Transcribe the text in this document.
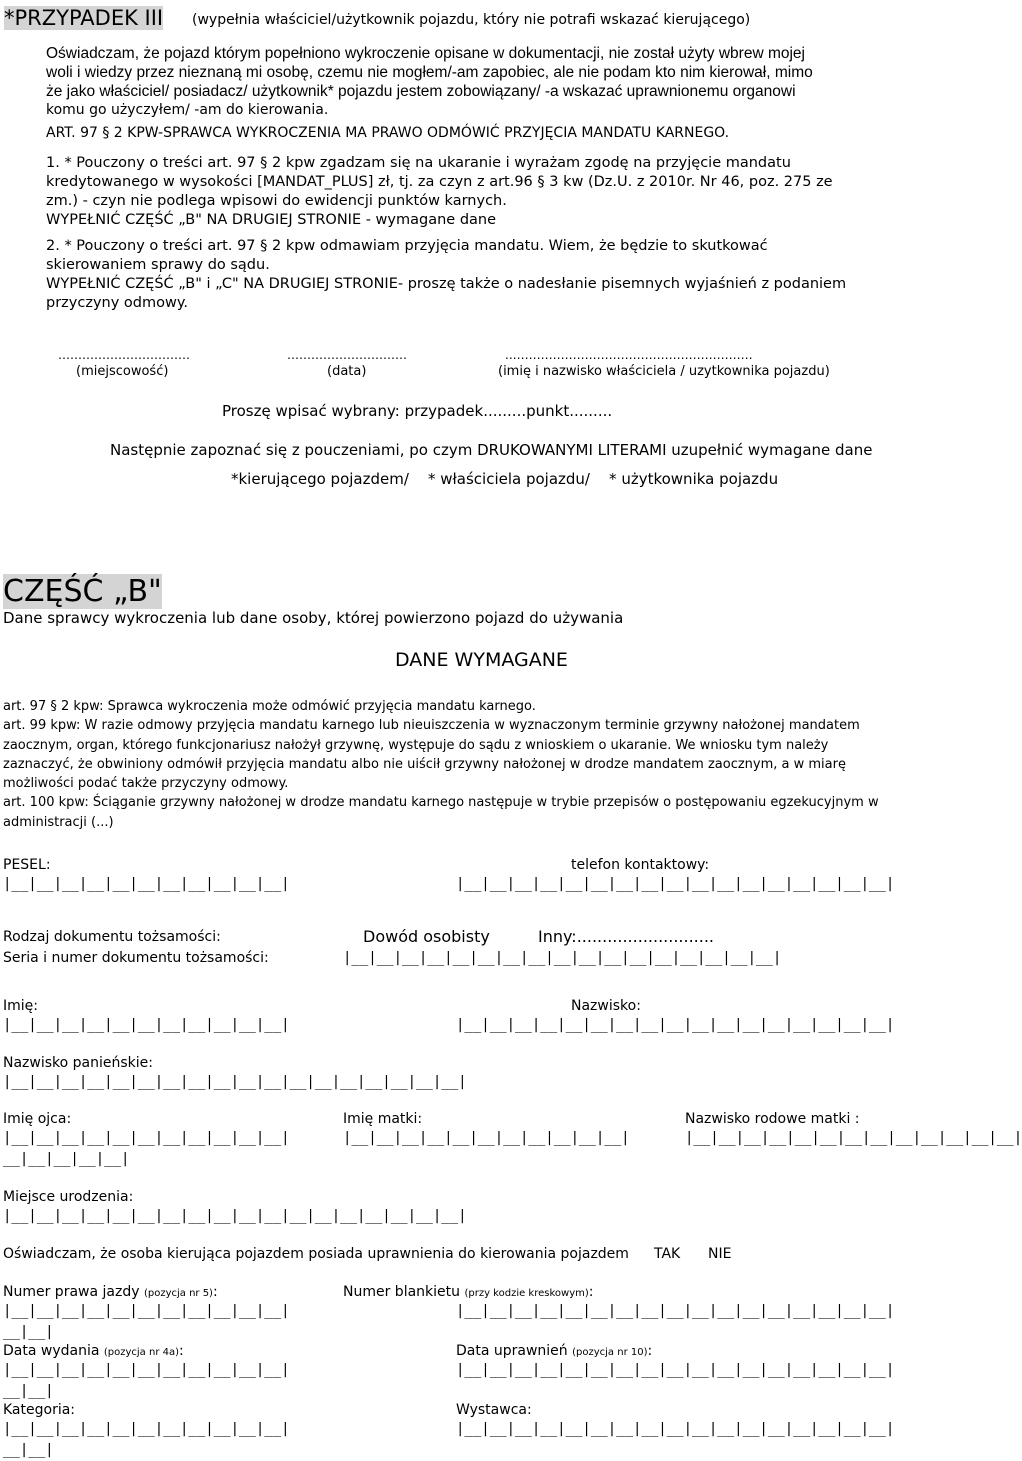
*PRZYPADEK III (wypełnia właściciel/użytkownik pojazdu, który nie potrafi wskazać kierującego)
Oświadczam, że pojazd którym popełniono wykroczenie opisane w dokumentacji, nie został użyty wbrew mojej
woli i wiedzy przez nieznaną mi osobę, czemu nie mogłem/-am zapobiec, ale nie podam kto nim kierował, mimo
że jako właściciel/ posiadacz/ użytkownik* pojazdu jestem zobowiązany/ -a wskazać uprawnionemu organowi
komu go użyczyłem/ -am do kierowania.
ART. 97 § 2 KPW-SPRAWCA WYKROCZENIA MA PRAWO ODMÓWIĆ PRZYJĘCIA MANDATU KARNEGO.
1. * Pouczony o treści art. 97 § 2 kpw zgadzam się na ukaranie i wyrażam zgodę na przyjęcie mandatu
kredytowanego w wysokości [MANDAT_PLUS] zł, tj. za czyn z art.96 § 3 kw (Dz.U. z 2010r. Nr 46, poz. 275 ze
zm.) - czyn nie podlega wpisowi do ewidencji punktów karnych.
WYPEŁNIĆ CZĘŚĆ „B" NA DRUGIEJ STRONIE - wymagane dane
2. * Pouczony o treści art. 97 § 2 kpw odmawiam przyjęcia mandatu. Wiem, że będzie to skutkować
skierowaniem sprawy do sądu.
WYPEŁNIĆ CZĘŚĆ „B" i „C" NA DRUGIEJ STRONIE- proszę także o nadesłanie pisemnych wyjaśnień z podaniem
przyczyny odmowy.
……………………………	…………………………	..……………………………………………………
(miejscowość)	(data)	(imię i nazwisko właściciela / uzytkownika pojazdu)
Proszę wpisać wybrany: przypadek.........punkt.........
Następnie zapoznać się z pouczeniami, po czym DRUKOWANYMI LITERAMI uzupełnić wymagane dane
*kierującego pojazdem/    * właściciela pojazdu/    * użytkownika pojazdu
CZĘŚĆ „B"
Dane sprawcy wykroczenia lub dane osoby, której powierzono pojazd do używania
DANE WYMAGANE
art. 97 § 2 kpw: Sprawca wykroczenia może odmówić przyjęcia mandatu karnego.
art. 99 kpw: W razie odmowy przyjęcia mandatu karnego lub nieuiszczenia w wyznaczonym terminie grzywny nałożonej mandatem
zaocznym, organ, którego funkcjonariusz nałożył grzywnę, występuje do sądu z wnioskiem o ukaranie. We wniosku tym należy
zaznaczyć, że obwiniony odmówił przyjęcia mandatu albo nie uiścił grzywny nałożonej w drodze mandatem zaocznym, a w miarę
możliwości podać także przyczyny odmowy.
art. 100 kpw: Ściąganie grzywny nałożonej w drodze mandatu karnego następuje w trybie przepisów o postępowaniu egzekucyjnym w
administracji (...)
PESEL:
|__|__|__|__|__|__|__|__|__|__|__|
telefon kontaktowy:
|__|__|__|__|__|__|__|__|__|__|__|__|__|__|__|__|__|
Rodzaj dokumentu tożsamości:	Dowód osobisty	Inny:...........................
Seria i numer dokumentu tożsamości:	|__|__|__|__|__|__|__|__|__|__|__|__|__|__|__|__|__|
Imię:
|__|__|__|__|__|__|__|__|__|__|__|
Nazwisko:
|__|__|__|__|__|__|__|__|__|__|__|__|__|__|__|__|__|
Nazwisko panieńskie:
|__|__|__|__|__|__|__|__|__|__|__|__|__|__|__|__|__|__|
Imię ojca:
|__|__|__|__|__|__|__|__|__|__|__|
__|__|__|__|__|
Imię matki:
|__|__|__|__|__|__|__|__|__|__|__|
Nazwisko rodowe matki :
|__|__|__|__|__|__|__|__|__|__|__|__|__|
Miejsce urodzenia:
|__|__|__|__|__|__|__|__|__|__|__|__|__|__|__|__|__|__|
Oświadczam, że osoba kierująca pojazdem posiada uprawnienia do kierowania pojazdem TAK NIE
Numer prawa jazdy (pozycja nr 5):
|__|__|__|__|__|__|__|__|__|__|__|
__|__|
Numer blankietu (przy kodzie kreskowym):
|__|__|__|__|__|__|__|__|__|__|__|__|__|__|__|__|__|
Data wydania (pozycja nr 4a):
|__|__|__|__|__|__|__|__|__|__|__|
__|__|
Data uprawnień (pozycja nr 10):
|__|__|__|__|__|__|__|__|__|__|__|__|__|__|__|__|__|
Kategoria:
|__|__|__|__|__|__|__|__|__|__|__|
__|__|
Wystawca:
|__|__|__|__|__|__|__|__|__|__|__|__|__|__|__|__|__|
